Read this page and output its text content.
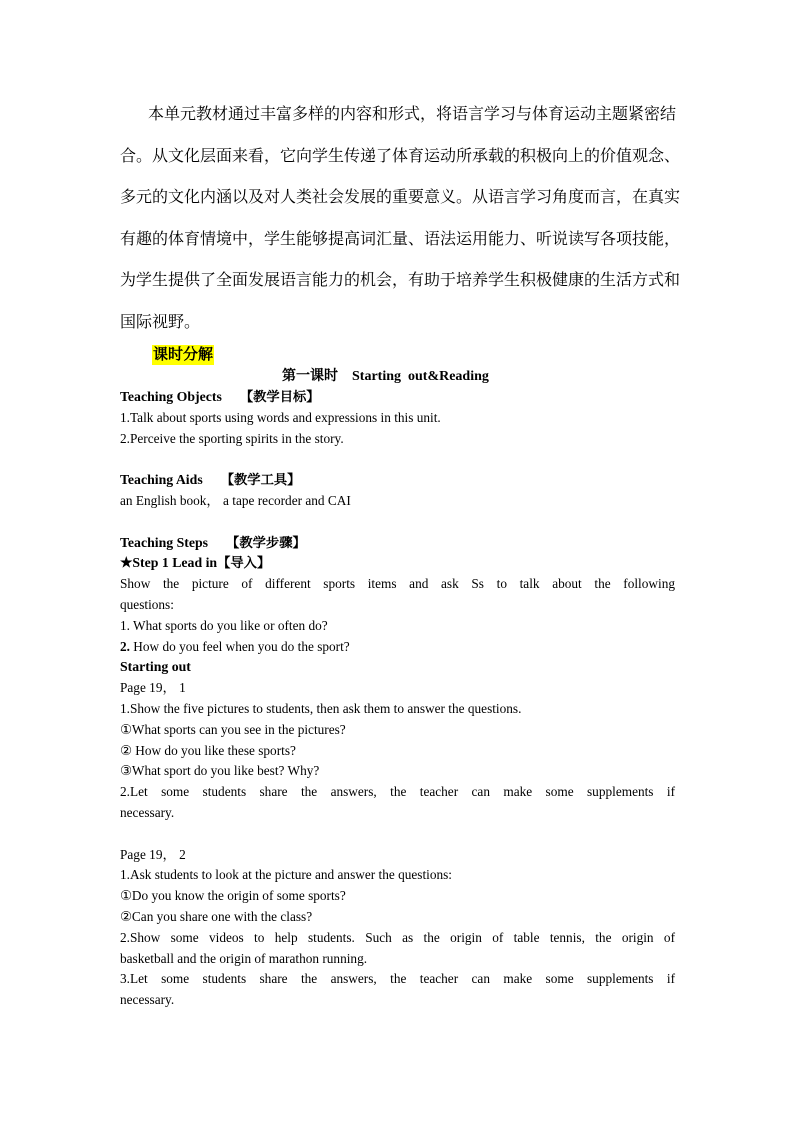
本单元教材通过丰富多样的内容和形式，将语言学习与体育运动主题紧密结
合。从文化层面来看，它向学生传递了体育运动所承载的积极向上的价值观念、
多元的文化内涵以及对人类社会发展的重要意义。从语言学习角度而言，在真实
有趣的体育情境中，学生能够提高词汇量、语法运用能力、听说读写各项技能，
为学生提供了全面发展语言能力的机会，有助于培养学生积极健康的生活方式和
国际视野。
课时分解
第一课时    Starting  out&Reading

Teaching Objects 【教学目标】

1.Talk about sports using words and expressions in this unit.

2.Perceive the sporting spirits in the story.

Teaching Aids 【教学工具】

an English book， a tape recorder and CAI

Teaching Steps 【教学步骤】

★Step 1 Lead in【导入】

Show the picture of different sports items and ask Ss to talk about the following

questions:

1. What sports do you like or often do?

2. How do you feel when you do the sport?

Starting out

Page 19， 1

1.Show the five pictures to students, then ask them to answer the questions.

①What sports can you see in the pictures?

② How do you like these sports?

③What sport do you like best? Why?

2.Let some students share the answers, the teacher can make some supplements if

necessary.

Page 19， 2

1.Ask students to look at the picture and answer the questions:

①Do you know the origin of some sports?

②Can you share one with the class?

2.Show some videos to help students. Such as the origin of table tennis, the origin of

basketball and the origin of marathon running.

3.Let some students share the answers, the teacher can make some supplements if

necessary.
